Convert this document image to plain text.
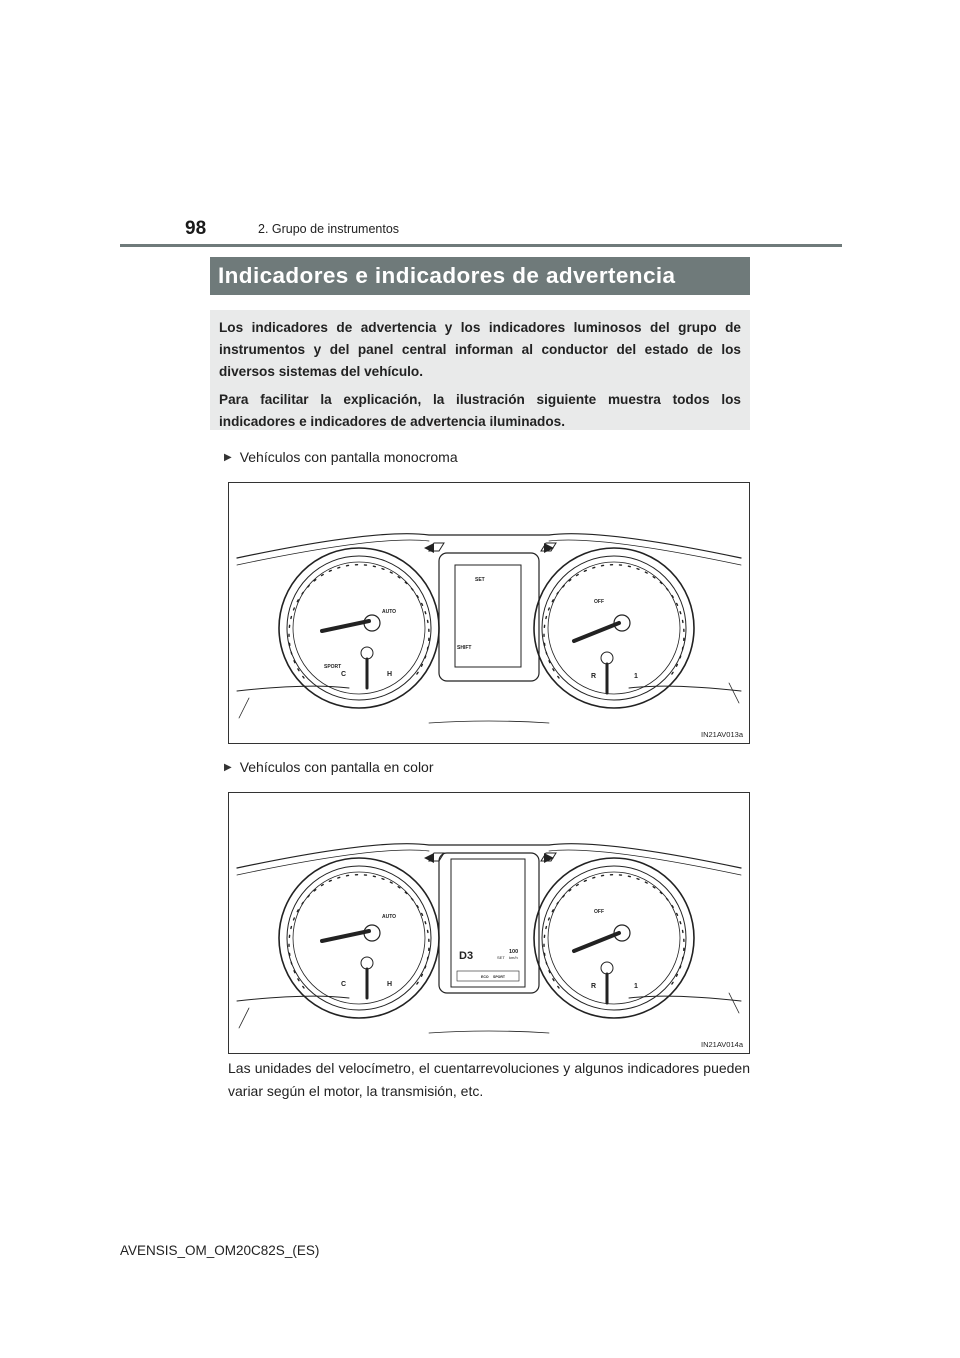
98	2. Grupo de instrumentos
Indicadores e indicadores de advertencia

Los indicadores de advertencia y los indicadores luminosos del grupo de instrumentos y del panel central informan al conductor del estado de los diversos sistemas del vehículo.

Para facilitar la explicación, la ilustración siguiente muestra todos los indicadores e indicadores de advertencia iluminados.

▶ Vehículos con pantalla monocroma
SET
SHIFT
SPORT
C	H
AUTO
OFF
R	1
IN21AV013a
▶ Vehículos con pantalla en color
D3	100
km/h
SET
ECO SPORT
C	H
AUTO
OFF
R	1
IN21AV014a
Las unidades del velocímetro, el cuentarrevoluciones y algunos indicadores pueden variar según el motor, la transmisión, etc.
AVENSIS_OM_OM20C82S_(ES)
